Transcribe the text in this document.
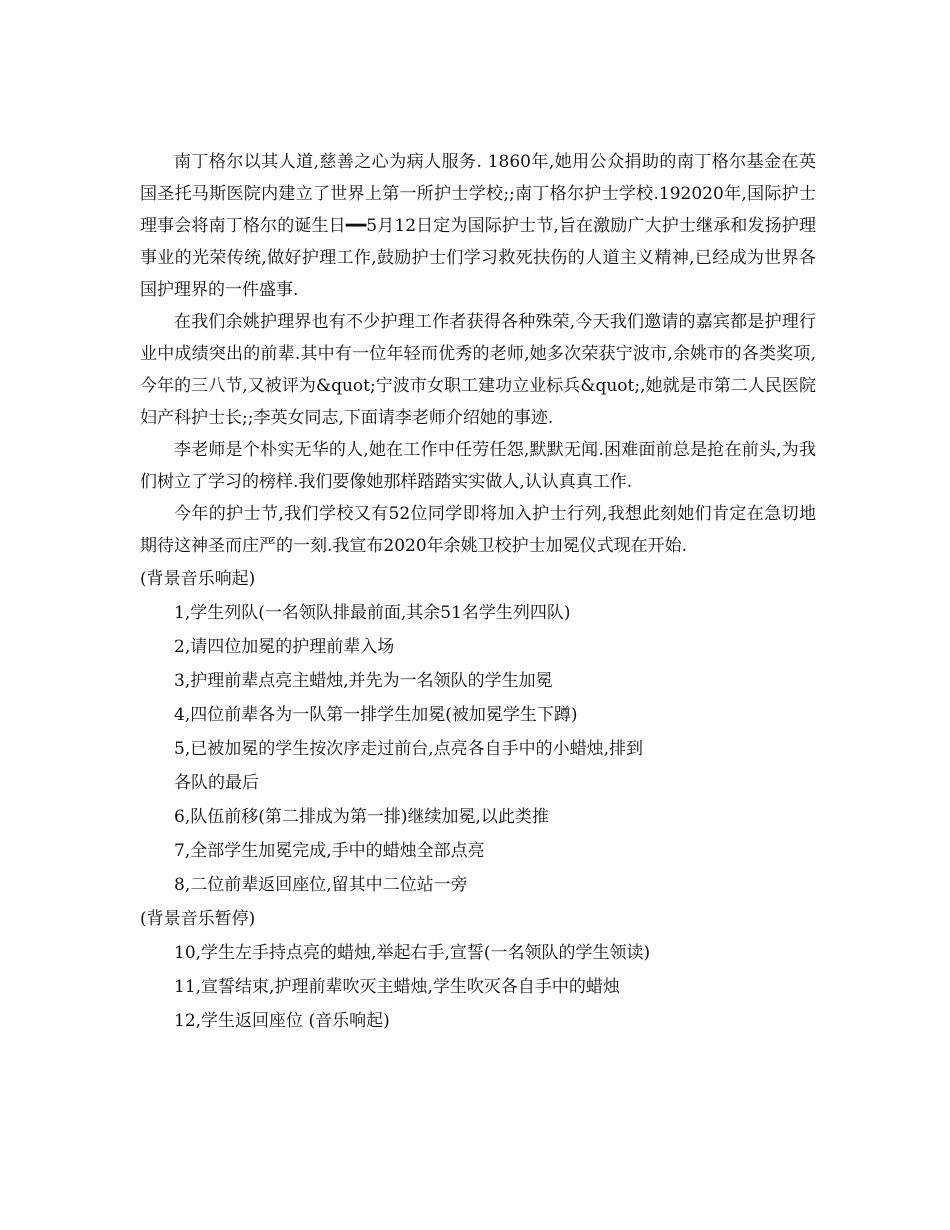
南丁格尔以其人道,慈善之心为病人服务. 1860年,她用公众捐助的南丁格尔基金在英国圣托马斯医院内建立了世界上第一所护士学校;;南丁格尔护士学校.192020年,国际护士理事会将南丁格尔的诞生日━━5月12日定为国际护士节,旨在激励广大护士继承和发扬护理事业的光荣传统,做好护理工作,鼓励护士们学习救死扶伤的人道主义精神,已经成为世界各国护理界的一件盛事.

在我们余姚护理界也有不少护理工作者获得各种殊荣,今天我们邀请的嘉宾都是护理行业中成绩突出的前辈.其中有一位年轻而优秀的老师,她多次荣获宁波市,余姚市的各类奖项,今年的三八节,又被评为&quot;宁波市女职工建功立业标兵&quot;,她就是市第二人民医院妇产科护士长;;李英女同志,下面请李老师介绍她的事迹.

李老师是个朴实无华的人,她在工作中任劳任怨,默默无闻.困难面前总是抢在前头,为我们树立了学习的榜样.我们要像她那样踏踏实实做人,认认真真工作.

今年的护士节,我们学校又有52位同学即将加入护士行列,我想此刻她们肯定在急切地期待这神圣而庄严的一刻.我宣布2020年余姚卫校护士加冕仪式现在开始.

(背景音乐响起)

1,学生列队(一名领队排最前面,其余51名学生列四队)

2,请四位加冕的护理前辈入场

3,护理前辈点亮主蜡烛,并先为一名领队的学生加冕

4,四位前辈各为一队第一排学生加冕(被加冕学生下蹲)

5,已被加冕的学生按次序走过前台,点亮各自手中的小蜡烛,排到

各队的最后

6,队伍前移(第二排成为第一排)继续加冕,以此类推

7,全部学生加冕完成,手中的蜡烛全部点亮

8,二位前辈返回座位,留其中二位站一旁

(背景音乐暂停)

10,学生左手持点亮的蜡烛,举起右手,宣誓(一名领队的学生领读)

11,宣誓结束,护理前辈吹灭主蜡烛,学生吹灭各自手中的蜡烛

12,学生返回座位 (音乐响起)
